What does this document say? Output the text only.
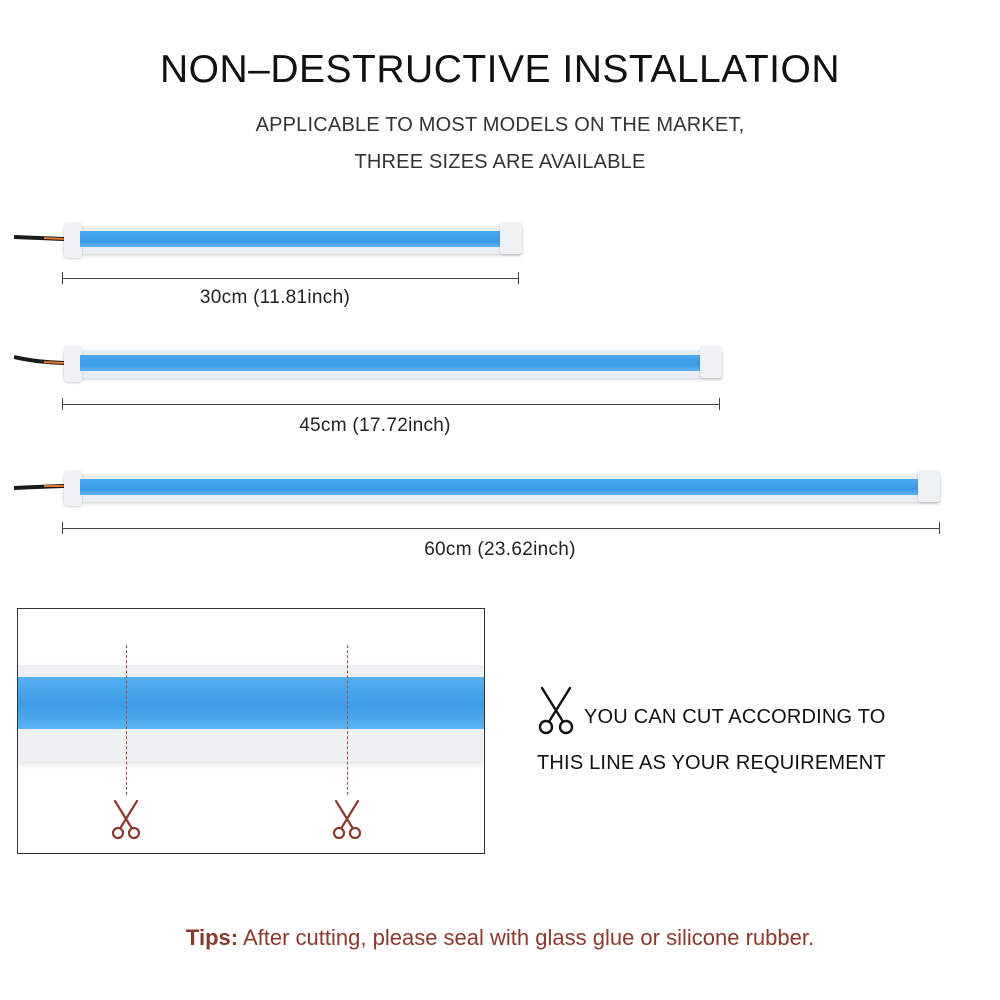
NON–DESTRUCTIVE INSTALLATION
APPLICABLE TO MOST MODELS ON THE MARKET,
THREE SIZES ARE AVAILABLE
30cm (11.81inch)
45cm (17.72inch)
60cm (23.62inch)
YOU CAN CUT ACCORDING TO
THIS LINE AS YOUR REQUIREMENT
Tips: After cutting, please seal with glass glue or silicone rubber.
